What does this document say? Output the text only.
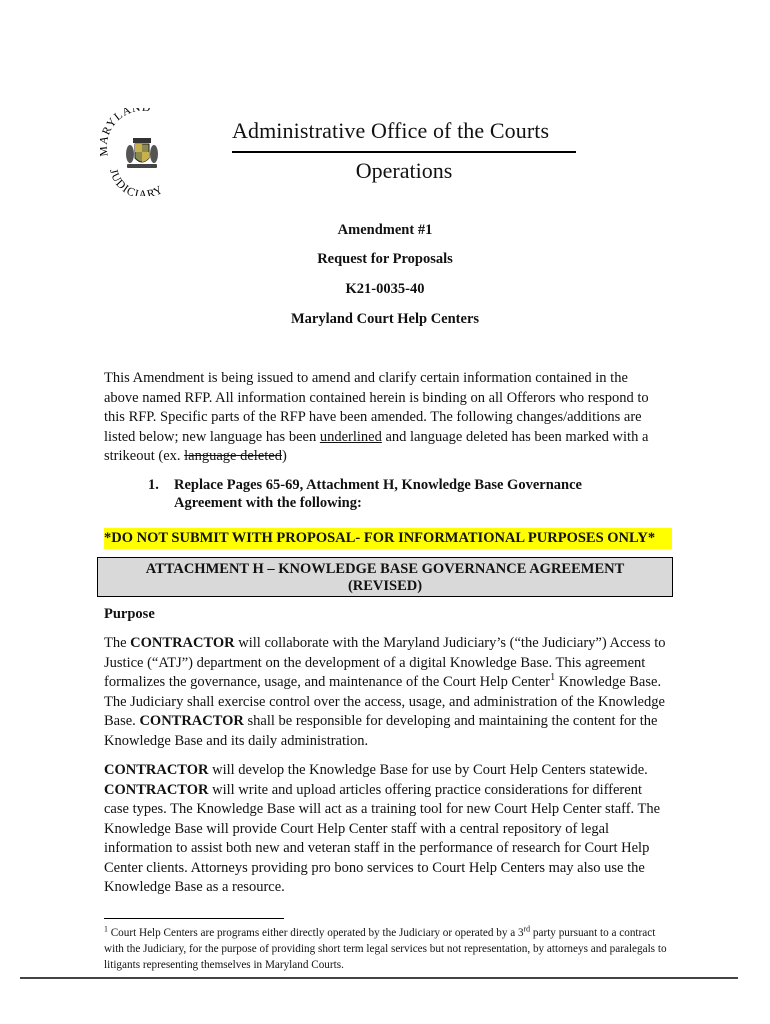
RYLAND
JUDICIARY
Administrative Office of the Courts
Operations
Amendment #1
Request for Proposals
K21-0035-40
Maryland Court Help Centers
This Amendment is being issued to amend and clarify certain information contained in the above named RFP. All information contained herein is binding on all Offerors who respond to this RFP. Specific parts of the RFP have been amended. The following changes/additions are listed below; new language has been underlined and language deleted has been marked with a strikeout (ex. language deleted)
1. Replace Pages 65-69, Attachment H, Knowledge Base Governance Agreement with the following:
*DO NOT SUBMIT WITH PROPOSAL- FOR INFORMATIONAL PURPOSES ONLY*
ATTACHMENT H – KNOWLEDGE BASE GOVERNANCE AGREEMENT
(REVISED)
Purpose
The CONTRACTOR will collaborate with the Maryland Judiciary’s (“the Judiciary”) Access to Justice (“ATJ”) department on the development of a digital Knowledge Base. This agreement formalizes the governance, usage, and maintenance of the Court Help Center$^1$ Knowledge Base. The Judiciary shall exercise control over the access, usage, and administration of the Knowledge Base. CONTRACTOR shall be responsible for developing and maintaining the content for the Knowledge Base and its daily administration.
CONTRACTOR will develop the Knowledge Base for use by Court Help Centers statewide. CONTRACTOR will write and upload articles offering practice considerations for different case types. The Knowledge Base will act as a training tool for new Court Help Center staff. The Knowledge Base will provide Court Help Center staff with a central repository of legal information to assist both new and veteran staff in the performance of research for Court Help Center clients. Attorneys providing pro bono services to Court Help Centers may also use the Knowledge Base as a resource.
$^1$ Court Help Centers are programs either directly operated by the Judiciary or operated by a 3rd party pursuant to a contract with the Judiciary, for the purpose of providing short term legal services but not representation, by attorneys and paralegals to litigants representing themselves in Maryland Courts.
